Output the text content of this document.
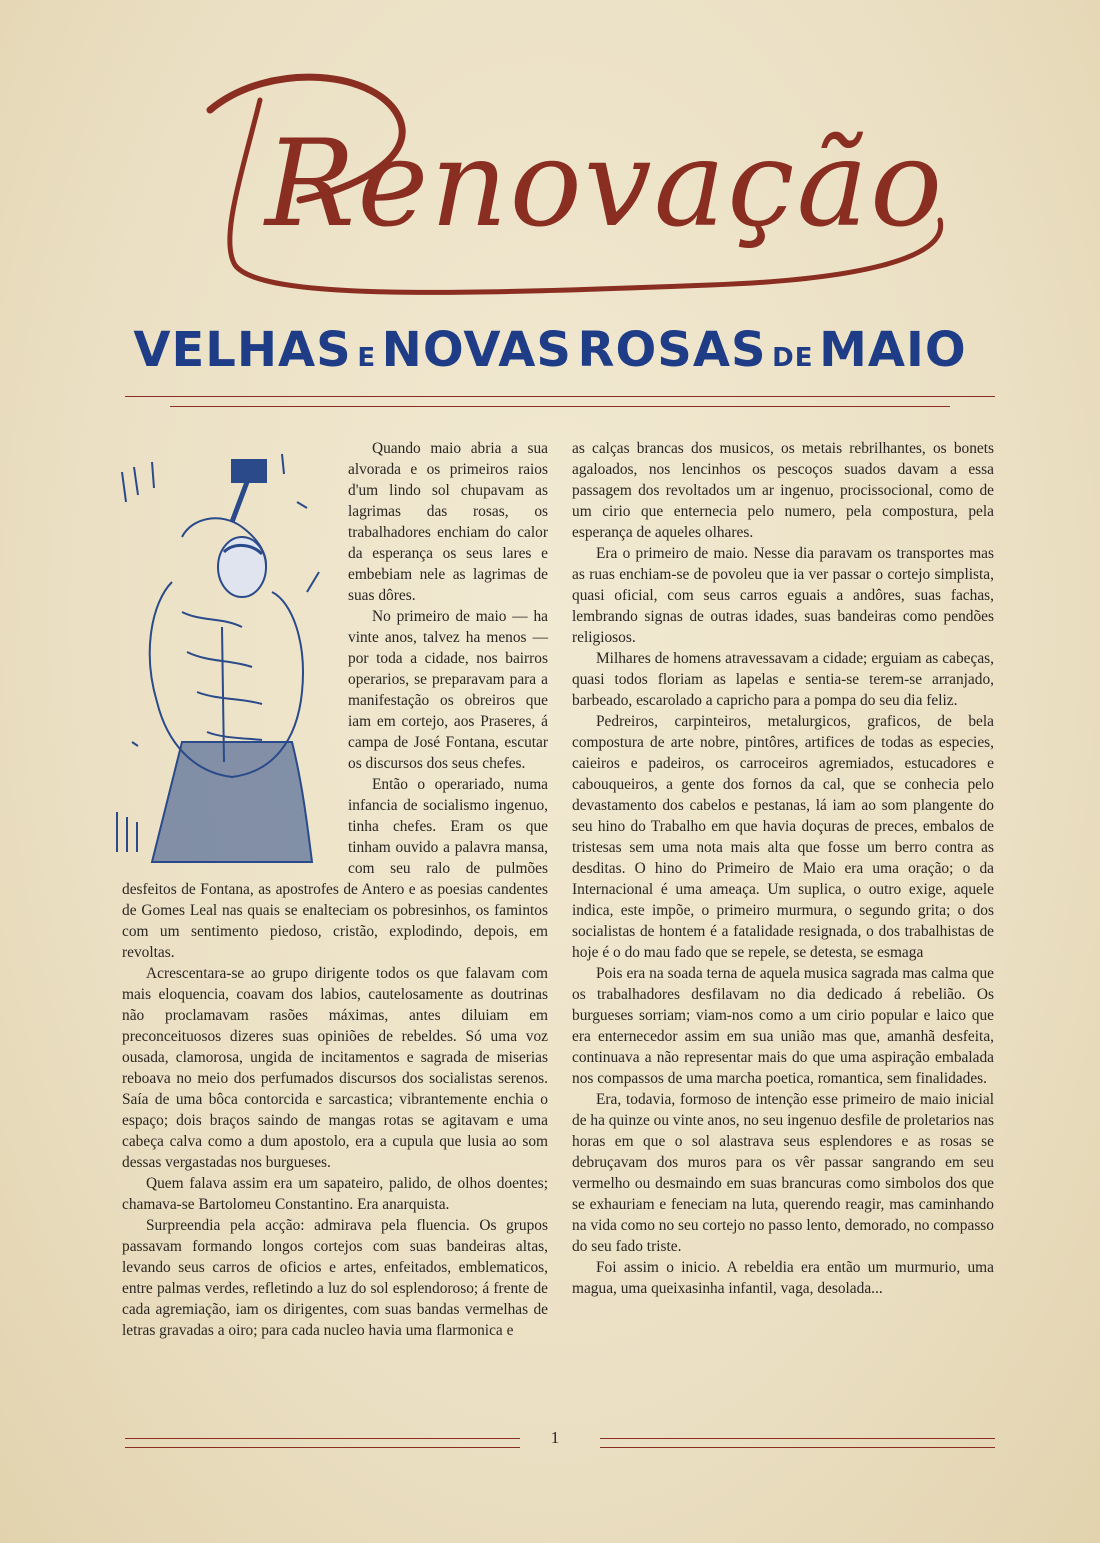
Renovação
VELHAS E NOVAS ROSAS DE MAIO

Quando maio abria a sua alvorada e os primeiros raios d'um lindo sol chupavam as lagrimas das rosas, os trabalhadores enchiam do calor da esperança os seus lares e embebiam nele as lagrimas de suas dôres.

No primeiro de maio — ha vinte anos, talvez ha menos — por toda a cidade, nos bairros operarios, se preparavam para a manifestação os obreiros que iam em cortejo, aos Praseres, á campa de José Fontana, escutar os discursos dos seus chefes.

Então o operariado, numa infancia de socialismo ingenuo, tinha chefes. Eram os que tinham ouvido a palavra mansa, com seu ralo de pulmões desfeitos de Fontana, as apostrofes de Antero e as poesias candentes de Gomes Leal nas quais se enalteciam os pobresinhos, os famintos com um sentimento piedoso, cristão, explodindo, depois, em revoltas.

Acrescentara-se ao grupo dirigente todos os que falavam com mais eloquencia, coavam dos labios, cautelosamente as doutrinas não proclamavam rasões máximas, antes diluiam em preconceituosos dizeres suas opiniões de rebeldes. Só uma voz ousada, clamorosa, ungida de incitamentos e sagrada de miserias reboava no meio dos perfumados discursos dos socialistas serenos. Saía de uma bôca contorcida e sarcastica; vibrantemente enchia o espaço; dois braços saindo de mangas rotas se agitavam e uma cabeça calva como a dum apostolo, era a cupula que lusia ao som dessas vergastadas nos burgueses.

Quem falava assim era um sapateiro, palido, de olhos doentes; chamava-se Bartolomeu Constantino. Era anarquista.

Surpreendia pela acção: admirava pela fluencia. Os grupos passavam formando longos cortejos com suas bandeiras altas, levando seus carros de oficios e artes, enfeitados, emblematicos, entre palmas verdes, refletindo a luz do sol esplendoroso; á frente de cada agremiação, iam os dirigentes, com suas bandas vermelhas de letras gravadas a oiro; para cada nucleo havia uma flarmonica e

as calças brancas dos musicos, os metais rebrilhantes, os bonets agaloados, nos lencinhos os pescoços suados davam a essa passagem dos revoltados um ar ingenuo, procissocional, como de um cirio que enternecia pelo numero, pela compostura, pela esperança de aqueles olhares.

Era o primeiro de maio. Nesse dia paravam os transportes mas as ruas enchiam-se de povoleu que ia ver passar o cortejo simplista, quasi oficial, com seus carros eguais a andôres, suas fachas, lembrando signas de outras idades, suas bandeiras como pendões religiosos.

Milhares de homens atravessavam a cidade; erguiam as cabeças, quasi todos floriam as lapelas e sentia-se terem-se arranjado, barbeado, escarolado a capricho para a pompa do seu dia feliz.

Pedreiros, carpinteiros, metalurgicos, graficos, de bela compostura de arte nobre, pintôres, artifices de todas as especies, caieiros e padeiros, os carroceiros agremiados, estucadores e cabouqueiros, a gente dos fornos da cal, que se conhecia pelo devastamento dos cabelos e pestanas, lá iam ao som plangente do seu hino do Trabalho em que havia doçuras de preces, embalos de tristesas sem uma nota mais alta que fosse um berro contra as desditas. O hino do Primeiro de Maio era uma oração; o da Internacional é uma ameaça. Um suplica, o outro exige, aquele indica, este impõe, o primeiro murmura, o segundo grita; o dos socialistas de hontem é a fatalidade resignada, o dos trabalhistas de hoje é o do mau fado que se repele, se detesta, se esmaga

Pois era na soada terna de aquela musica sagrada mas calma que os trabalhadores desfilavam no dia dedicado á rebelião. Os burgueses sorriam; viam-nos como a um cirio popular e laico que era enternecedor assim em sua união mas que, amanhã desfeita, continuava a não representar mais do que uma aspiração embalada nos compassos de uma marcha poetica, romantica, sem finalidades.

Era, todavia, formoso de intenção esse primeiro de maio inicial de ha quinze ou vinte anos, no seu ingenuo desfile de proletarios nas horas em que o sol alastrava seus esplendores e as rosas se debruçavam dos muros para os vêr passar sangrando em seu vermelho ou desmaindo em suas brancuras como simbolos dos que se exhauriam e feneciam na luta, querendo reagir, mas caminhando na vida como no seu cortejo no passo lento, demorado, no compasso do seu fado triste.

Foi assim o inicio. A rebeldia era então um murmurio, uma magua, uma queixasinha infantil, vaga, desolada...

1
